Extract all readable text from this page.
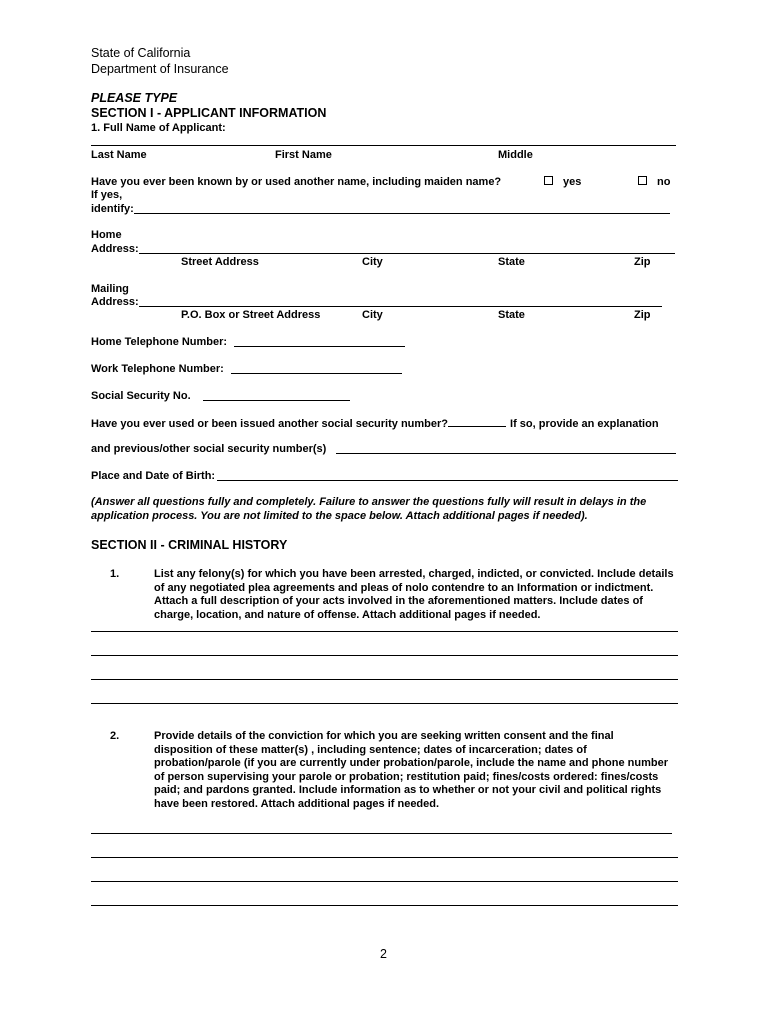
State of California
Department of Insurance
PLEASE TYPE
SECTION I - APPLICANT INFORMATION
1. Full Name of Applicant:
Last Name	First Name	Middle
Have you ever been known by or used another name, including maiden name?	yes	no
If yes,
identify:
Home
Address:
Street Address	City	State	Zip
Mailing
Address:
P.O. Box or Street Address	City	State	Zip
Home Telephone Number:
Work Telephone Number:
Social Security No.
Have you ever used or been issued another social security number?	If so, provide an explanation
and previous/other social security number(s)
Place and Date of Birth:
(Answer all questions fully and completely. Failure to answer the questions fully will result in delays in the application process. You are not limited to the space below. Attach additional pages if needed).
SECTION II - CRIMINAL HISTORY
1.	List any felony(s) for which you have been arrested, charged, indicted, or convicted. Include details of any negotiated plea agreements and pleas of nolo contendre to an Information or indictment. Attach a full description of your acts involved in the aforementioned matters. Include dates of charge, location, and nature of offense. Attach additional pages if needed.
2.	Provide details of the conviction for which you are seeking written consent and the final disposition of these matter(s) , including sentence; dates of incarceration; dates of probation/parole (if you are currently under probation/parole, include the name and phone number of person supervising your parole or probation; restitution paid; fines/costs ordered: fines/costs paid; and pardons granted. Include information as to whether or not your civil and political rights have been restored. Attach additional pages if needed.
2
